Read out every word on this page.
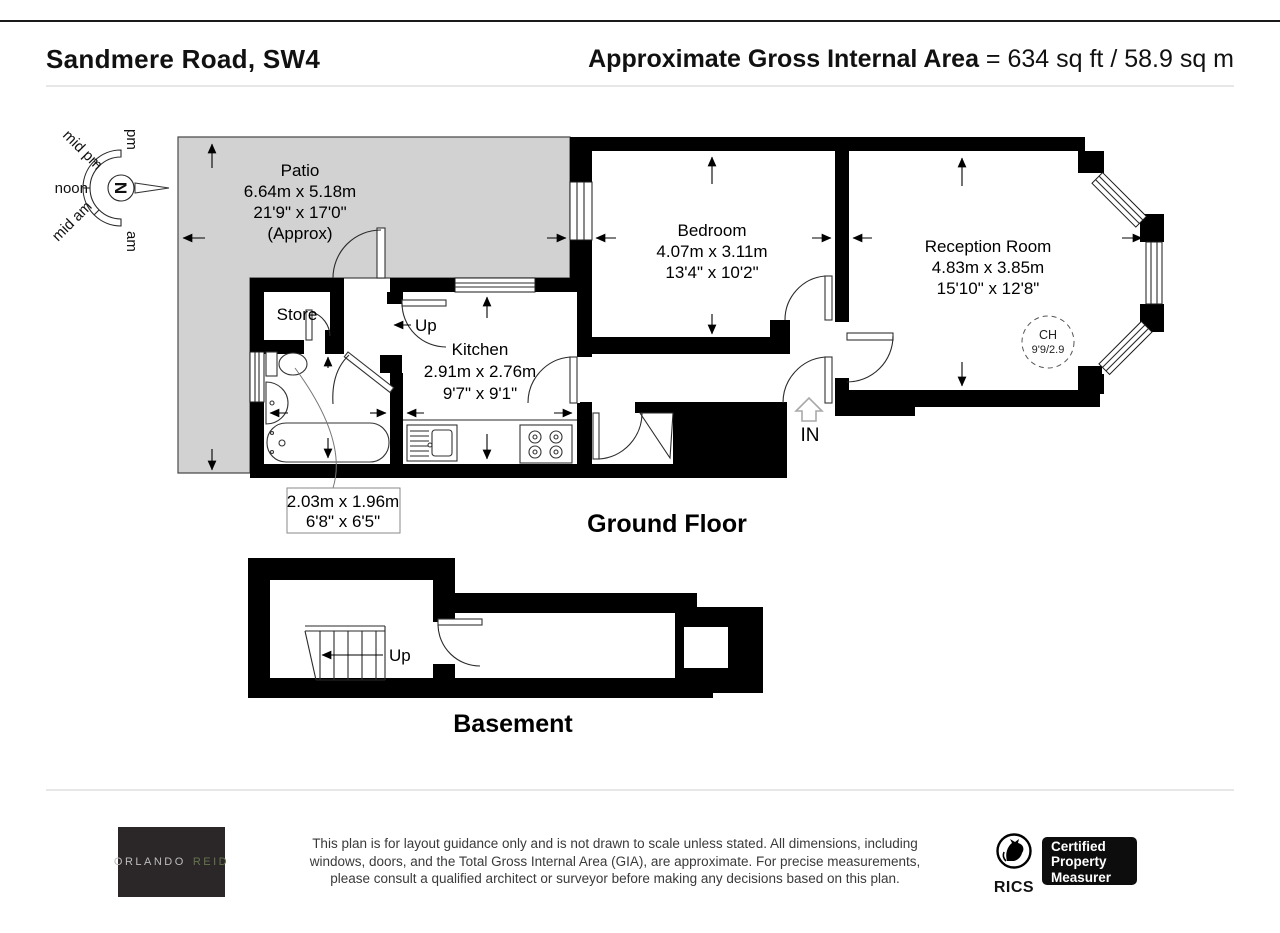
Sandmere Road, SW4	Approximate Gross Internal Area = 634 sq ft / 58.9 sq m
N
pm
mid pm
noon
mid am am
Patio
6.64m x 5.18m
21'9" x 17'0"
(Approx)	Bedroom
4.07m x 3.11m
13'4" x 10'2"
Reception Room
4.83m x 3.85m
15'10" x 12'8"
Kitchen
2.91m x 2.76m
9'7" x 9'1"
Store
Up	CH
9'9/2.9
IN
2.03m x 1.96m
6'8" x 6'5"	Ground Floor
Up
Basement
ORLANDO REID
This plan is for layout guidance only and is not drawn to scale unless stated. All dimensions, including
windows, doors, and the Total Gross Internal Area (GIA), are approximate. For precise measurements,
please consult a qualified architect or surveyor before making any decisions based on this plan.
RICS
Certified
Property
Measurer
